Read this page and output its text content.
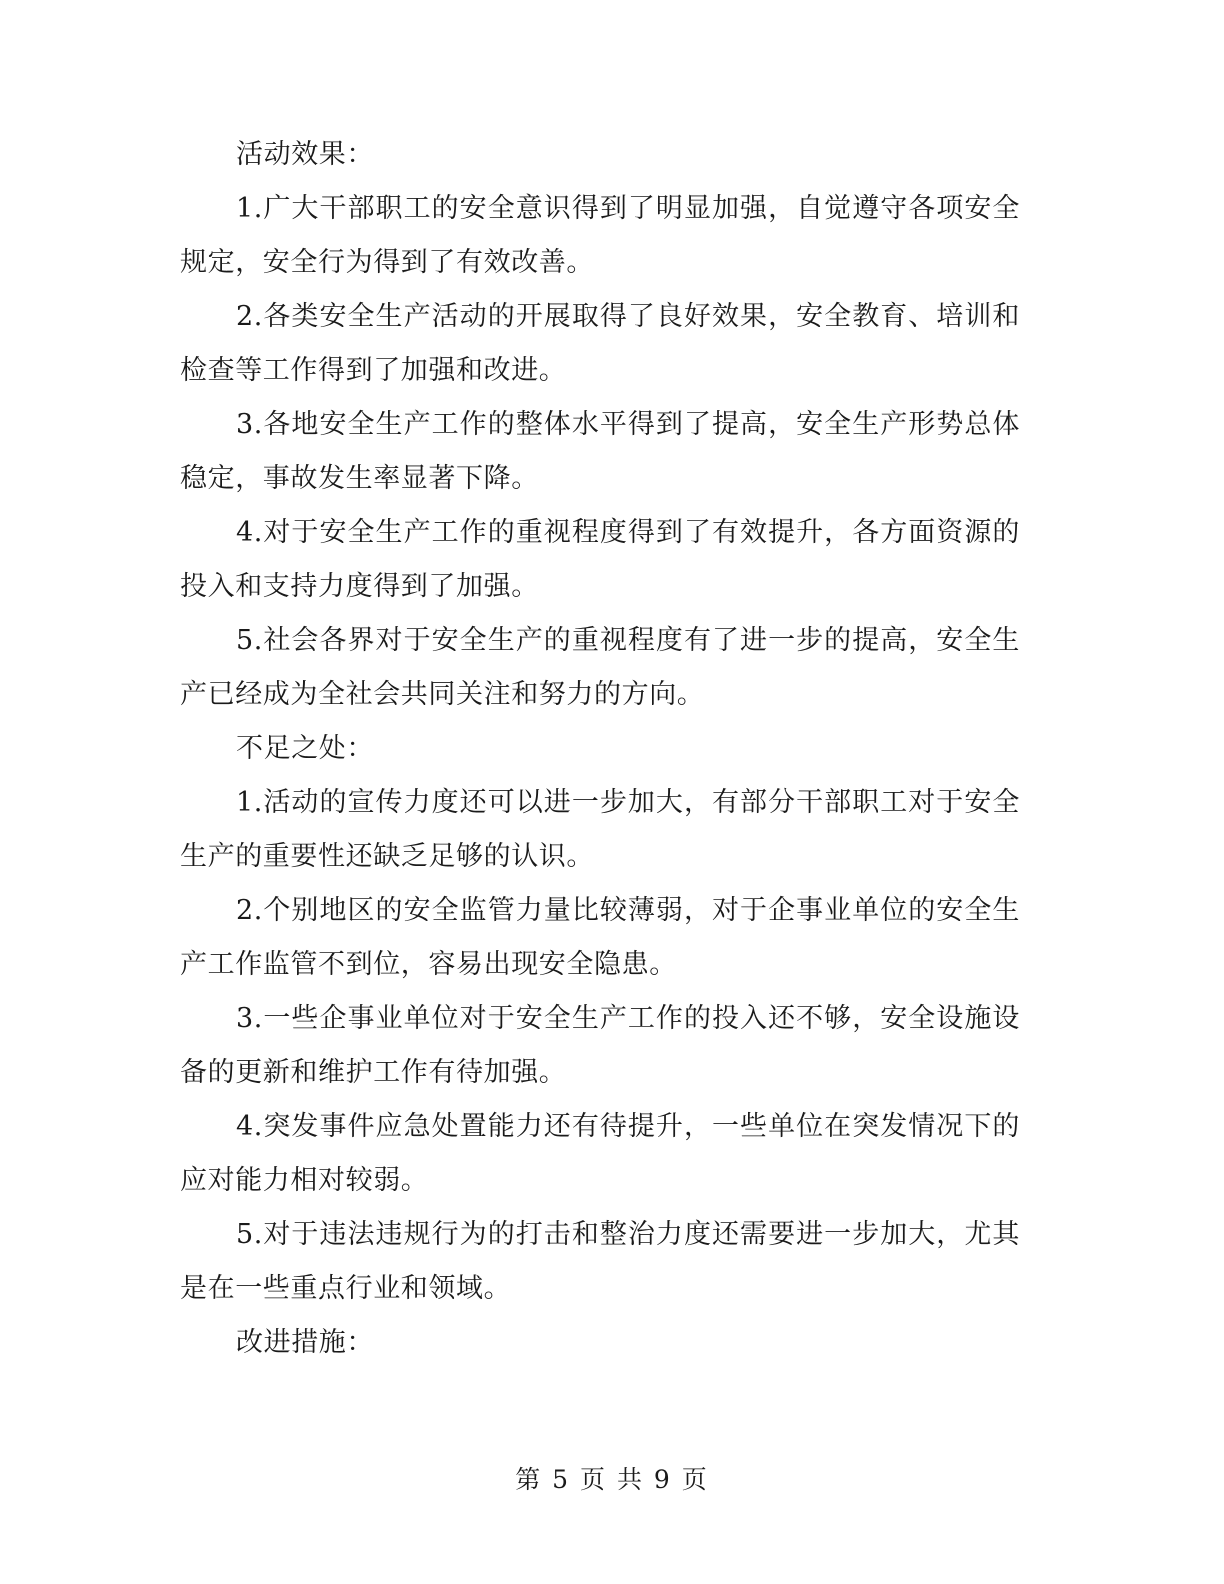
活动效果：

1.广大干部职工的安全意识得到了明显加强，自觉遵守各项安全规定，安全行为得到了有效改善。

2.各类安全生产活动的开展取得了良好效果，安全教育、培训和检查等工作得到了加强和改进。

3.各地安全生产工作的整体水平得到了提高，安全生产形势总体稳定，事故发生率显著下降。

4.对于安全生产工作的重视程度得到了有效提升，各方面资源的投入和支持力度得到了加强。

5.社会各界对于安全生产的重视程度有了进一步的提高，安全生产已经成为全社会共同关注和努力的方向。

不足之处：

1.活动的宣传力度还可以进一步加大，有部分干部职工对于安全生产的重要性还缺乏足够的认识。

2.个别地区的安全监管力量比较薄弱，对于企事业单位的安全生产工作监管不到位，容易出现安全隐患。

3.一些企事业单位对于安全生产工作的投入还不够，安全设施设备的更新和维护工作有待加强。

4.突发事件应急处置能力还有待提升，一些单位在突发情况下的应对能力相对较弱。

5.对于违法违规行为的打击和整治力度还需要进一步加大，尤其是在一些重点行业和领域。

改进措施：

第 5 页 共 9 页
